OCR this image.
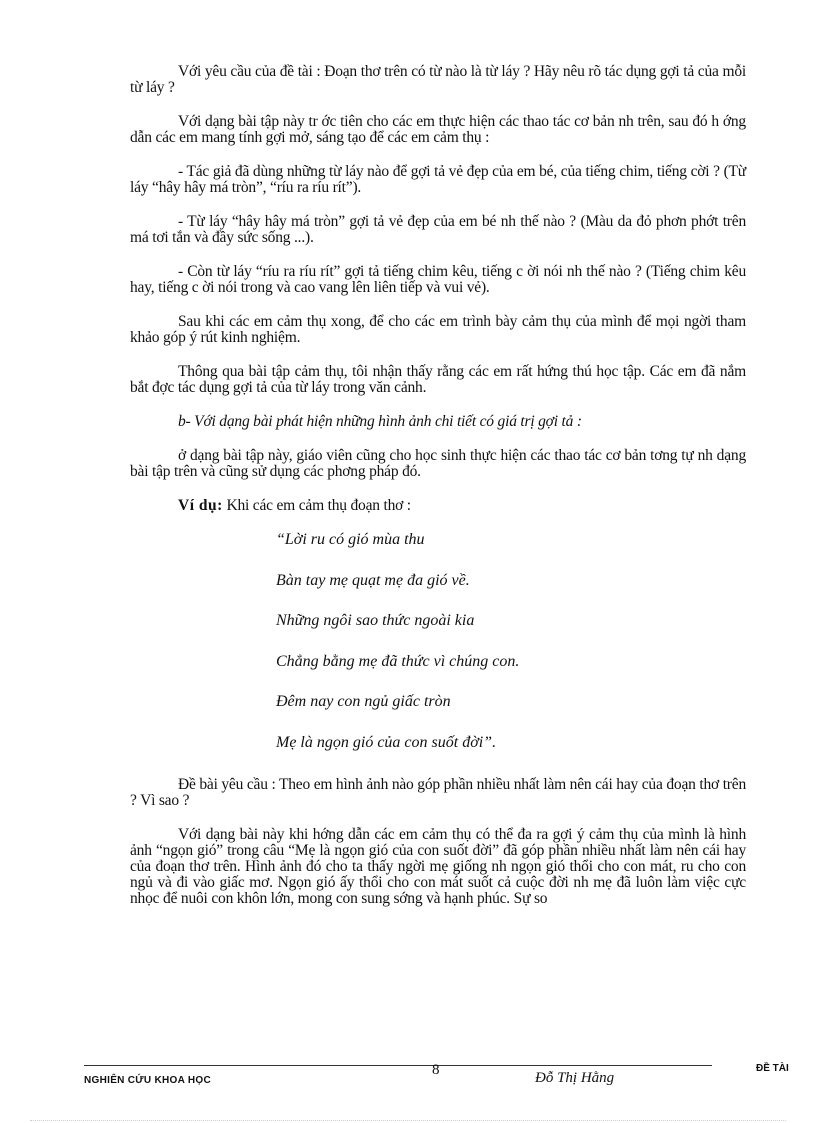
Với yêu cầu của đề tài : Đoạn thơ trên có từ nào là từ láy ? Hãy nêu rõ tác dụng gợi tả của mỗi từ láy ?

Với dạng bài tập này tr ớc tiên cho các em thực hiện các thao tác cơ bản nh trên, sau đó h ớng dẫn các em mang tính gợi mở, sáng tạo để các em cảm thụ :

- Tác giả đã dùng những từ láy nào để gợi tả vẻ đẹp của em bé, của tiếng chim, tiếng cời ? (Từ láy “hây hây má tròn”, “ríu ra ríu rít”).

- Từ láy “hây hây má tròn” gợi tả vẻ đẹp của em bé nh thế nào ? (Màu da đỏ phơn phớt trên má tơi tắn và đầy sức sống ...).

- Còn từ láy “ríu ra ríu rít” gợi tả tiếng chim kêu, tiếng c ời nói nh thế nào ? (Tiếng chim kêu hay, tiếng c ời nói trong và cao vang lên liên tiếp và vui vẻ).

Sau khi các em cảm thụ xong, để cho các em trình bày cảm thụ của mình để mọi ngời tham khảo góp ý rút kinh nghiệm.

Thông qua bài tập cảm thụ, tôi nhận thấy rằng các em rất hứng thú học tập. Các em đã nắm bắt đợc tác dụng gợi tả của từ láy trong văn cảnh.

b- Với dạng bài phát hiện những hình ảnh chi tiết có giá trị gợi tả :

ở dạng bài tập này, giáo viên cũng cho học sinh thực hiện các thao tác cơ bản tơng tự nh dạng bài tập trên và cũng sử dụng các phơng pháp đó.

Ví dụ: Khi các em cảm thụ đoạn thơ :

“Lời ru có gió mùa thu
Bàn tay mẹ quạt mẹ đa gió về.
Những ngôi sao thức ngoài kia
Chẳng bằng mẹ đã thức vì chúng con.
Đêm nay con ngủ giấc tròn
Mẹ là ngọn gió của con suốt đời”.

Đề bài yêu cầu : Theo em hình ảnh nào góp phần nhiều nhất làm nên cái hay của đoạn thơ trên ? Vì sao ?

Với dạng bài này khi hớng dẫn các em cảm thụ có thể đa ra gợi ý cảm thụ của mình là hình ảnh “ngọn gió” trong câu “Mẹ là ngọn gió của con suốt đời” đã góp phần nhiều nhất làm nên cái hay của đoạn thơ trên. Hình ảnh đó cho ta thấy ngời mẹ giống nh ngọn gió thổi cho con mát, ru cho con ngủ và đi vào giấc mơ. Ngọn gió ấy thổi cho con mát suốt cả cuộc đời nh mẹ đã luôn làm việc cực nhọc để nuôi con khôn lớn, mong con sung sớng và hạnh phúc. Sự so

NGHIÊN CỨU KHOA HỌC
8	Đỗ Thị Hằng
ĐỀ TÀI
